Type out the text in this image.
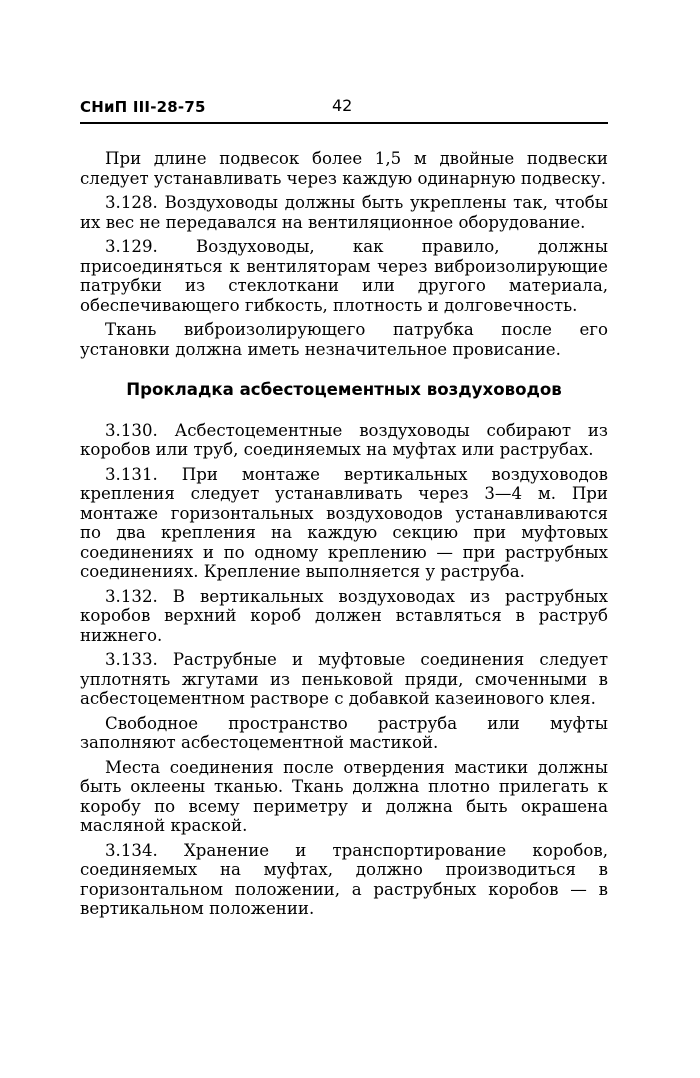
СНиП III-28-75	42

При длине подвесок более 1,5 м двойные подвески следует устанавливать через каждую одинарную подвеску.

3.128. Воздуховоды должны быть укреплены так, чтобы их вес не передавался на вентиляционное оборудование.

3.129. Воздуховоды, как правило, должны присоединяться к вентиляторам через виброизолирующие патрубки из стеклоткани или другого материала, обеспечивающего гибкость, плотность и долговечность.

Ткань виброизолирующего патрубка после его установки должна иметь незначительное провисание.

Прокладка асбестоцементных воздуховодов

3.130. Асбестоцементные воздуховоды собирают из коробов или труб, соединяемых на муфтах или раструбах.

3.131. При монтаже вертикальных воздуховодов крепления следует устанавливать через 3—4 м. При монтаже горизонтальных воздуховодов устанавливаются по два крепления на каждую секцию при муфтовых соединениях и по одному креплению — при раструбных соединениях. Крепление выполняется у раструба.

3.132. В вертикальных воздуховодах из раструбных коробов верхний короб должен вставляться в раструб нижнего.

3.133. Раструбные и муфтовые соединения следует уплотнять жгутами из пеньковой пряди, смоченными в асбестоцементном растворе с добавкой казеинового клея.

Свободное пространство раструба или муфты заполняют асбестоцементной мастикой.

Места соединения после отвердения мастики должны быть оклеены тканью. Ткань должна плотно прилегать к коробу по всему периметру и должна быть окрашена масляной краской.

3.134. Хранение и транспортирование коробов, соединяемых на муфтах, должно производиться в горизонтальном положении, а раструбных коробов — в вертикальном положении.
